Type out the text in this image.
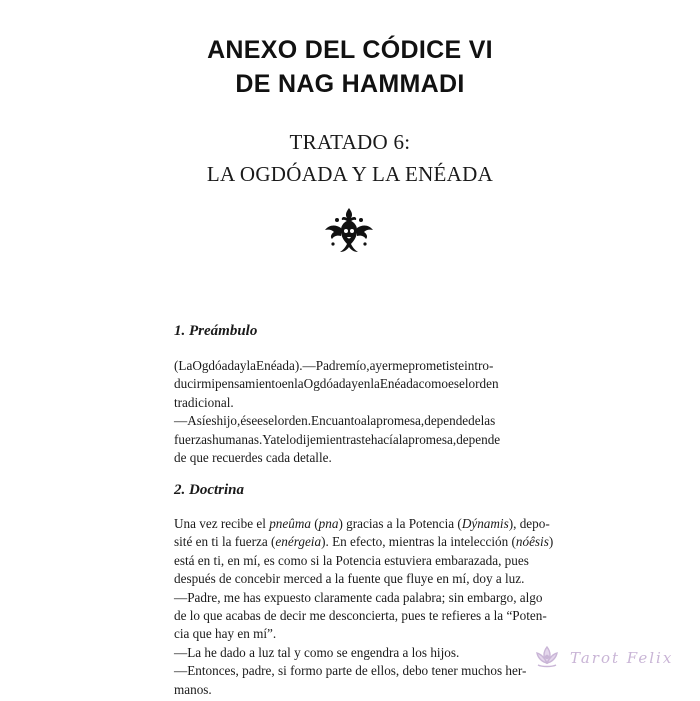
ANEXO DEL CÓDICE VI
DE NAG HAMMADI
TRATADO 6:
LA OGDÓADA Y LA ENÉADA
1. Preámbulo
(LaOgdóadaylaEnéada).—Padremío,ayermeprometisteintro-
ducirmipensamientoenlaOgdóadayenlaEnéadacomoeselorden
tradicional.
—Asíeshijo,éseeselorden.Encuantoalapromesa,dependedelas
fuerzashumanas.Yatelodijemientrastehacíalapromesa,depende
de que recuerdes cada detalle.
2. Doctrina
Una vez recibe el pneûma (pna) gracias a la Potencia (Dýnamis), depo-
sité en ti la fuerza (enérgeia). En efecto, mientras la intelección (nóêsis)
está en ti, en mí, es como si la Potencia estuviera embarazada, pues
después de concebir merced a la fuente que fluye en mí, doy a luz.
—Padre, me has expuesto claramente cada palabra; sin embargo, algo
de lo que acabas de decir me desconcierta, pues te refieres a la “Poten-
cia que hay en mí”.
—La he dado a luz tal y como se engendra a los hijos.
—Entonces, padre, si formo parte de ellos, debo tener muchos her-
manos.
Tarot Felix
